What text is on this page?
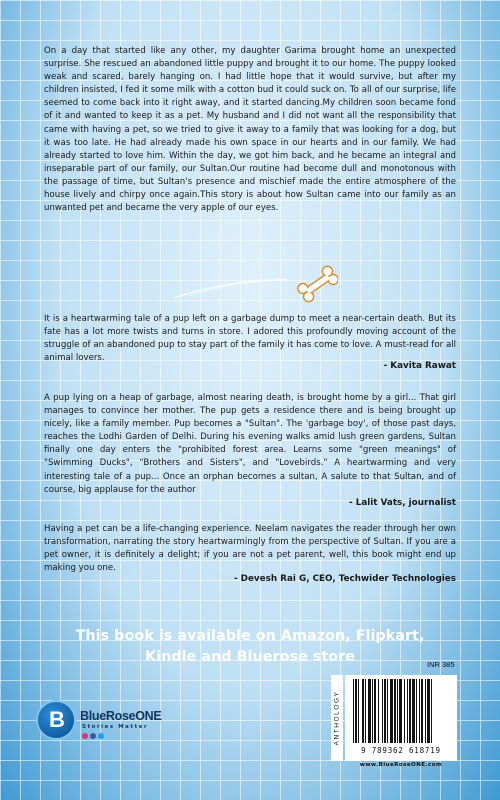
On a day that started like any other, my daughter Garima brought home an unexpected surprise. She rescued an abandoned little puppy and brought it to our home. The puppy looked weak and scared, barely hanging on. I had little hope that it would survive, but after my children insisted, I fed it some milk with a cotton bud it could suck on. To all of our surprise, life seemed to come back into it right away, and it started dancing.My children soon became fond of it and wanted to keep it as a pet. My husband and I did not want all the responsibility that came with having a pet, so we tried to give it away to a family that was looking for a dog, but it was too late. He had already made his own space in our hearts and in our family. We had already started to love him. Within the day, we got him back, and he became an integral and inseparable part of our family, our Sultan.Our routine had become dull and monotonous with the passage of time, but Sultan's presence and mischief made the entire atmosphere of the house lively and chirpy once again.This story is about how Sultan came into our family as an unwanted pet and became the very apple of our eyes.

It is a heartwarming tale of a pup left on a garbage dump to meet a near-certain death. But its fate has a lot more twists and turns in store. I adored this profoundly moving account of the struggle of an abandoned pup to stay part of the family it has come to love. A must-read for all animal lovers.

- Kavita Rawat

A pup lying on a heap of garbage, almost nearing death, is brought home by a girl... That girl manages to convince her mother. The pup gets a residence there and is being brought up nicely, like a family member. Pup becomes a "Sultan". The 'garbage boy', of those past days, reaches the Lodhi Garden of Delhi. During his evening walks amid lush green gardens, Sultan finally one day enters the "prohibited forest area. Learns some "green meanings" of "Swimming Ducks", "Brothers and Sisters", and "Lovebirds." A heartwarming and very interesting tale of a pup... Once an orphan becomes a sultan, A salute to that Sultan, and of course, big applause for the author

- Lalit Vats, journalist

Having a pet can be a life-changing experience. Neelam navigates the reader through her own transformation, narrating the story heartwarmingly from the perspective of Sultan. If you are a pet owner, it is definitely a delight; if you are not a pet parent, well, this book might end up making you one.

- Devesh Rai G, CEO, Techwider Technologies

This book is available on Amazon, Flipkart,
Kindle and Bluerose store
B BlueRoseONE
Stories Matter
INR 385
ANTHOLOGY
9 789362 618719
www.BlueRoseONE.com
